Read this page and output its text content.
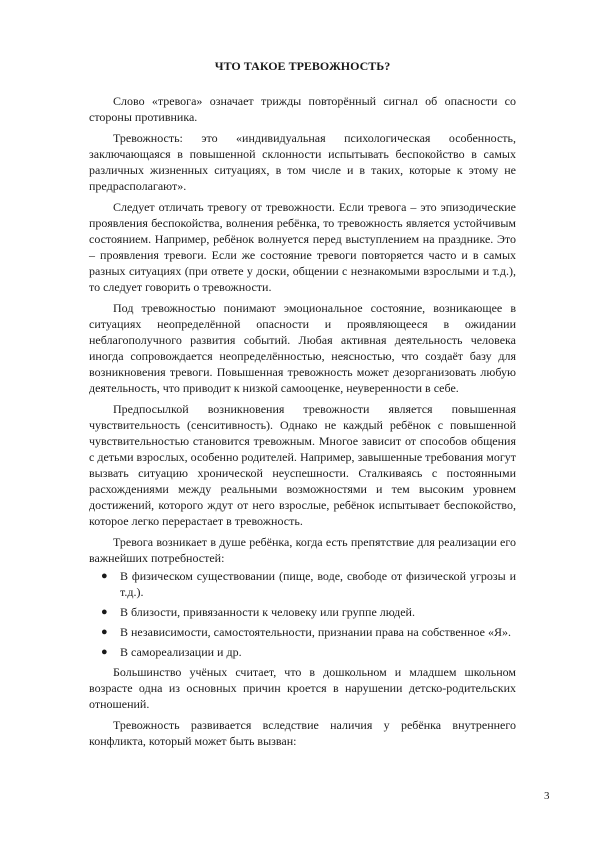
ЧТО ТАКОЕ ТРЕВОЖНОСТЬ?

Слово «тревога» означает трижды повторённый сигнал об опасности со стороны противника.

Тревожность: это «индивидуальная психологическая особенность, заключающаяся в повышенной склонности испытывать беспокойство в самых различных жизненных ситуациях, в том числе и в таких, которые к этому не предрасполагают».

Следует отличать тревогу от тревожности. Если тревога – это эпизодические проявления беспокойства, волнения ребёнка, то тревожность является устойчивым состоянием. Например, ребёнок волнуется перед выступлением на празднике. Это – проявления тревоги. Если же состояние тревоги повторяется часто и в самых разных ситуациях (при ответе у доски, общении с незнакомыми взрослыми и т.д.), то следует говорить о тревожности.

Под тревожностью понимают эмоциональное состояние, возникающее в ситуациях неопределённой опасности и проявляющееся в ожидании неблагополучного развития событий. Любая активная деятельность человека иногда сопровождается неопределённостью, неясностью, что создаёт базу для возникновения тревоги. Повышенная тревожность может дезорганизовать любую деятельность, что приводит к низкой самооценке, неуверенности в себе.

Предпосылкой возникновения тревожности является повышенная чувствительность (сенситивность). Однако не каждый ребёнок с повышенной чувствительностью становится тревожным. Многое зависит от способов общения с детьми взрослых, особенно родителей. Например, завышенные требования могут вызвать ситуацию хронической неуспешности. Сталкиваясь с постоянными расхождениями между реальными возможностями и тем высоким уровнем достижений, которого ждут от него взрослые, ребёнок испытывает беспокойство, которое легко перерастает в тревожность.

Тревога возникает в душе ребёнка, когда есть препятствие для реализации его важнейших потребностей:

● В физическом существовании (пище, воде, свободе от физической угрозы и т.д.).
● В близости, привязанности к человеку или группе людей.
● В независимости, самостоятельности, признании права на собственное «Я».
● В самореализации и др.

Большинство учёных считает, что в дошкольном и младшем школьном возрасте одна из основных причин кроется в нарушении детско-родительских отношений.

Тревожность развивается вследствие наличия у ребёнка внутреннего конфликта, который может быть вызван:

3
